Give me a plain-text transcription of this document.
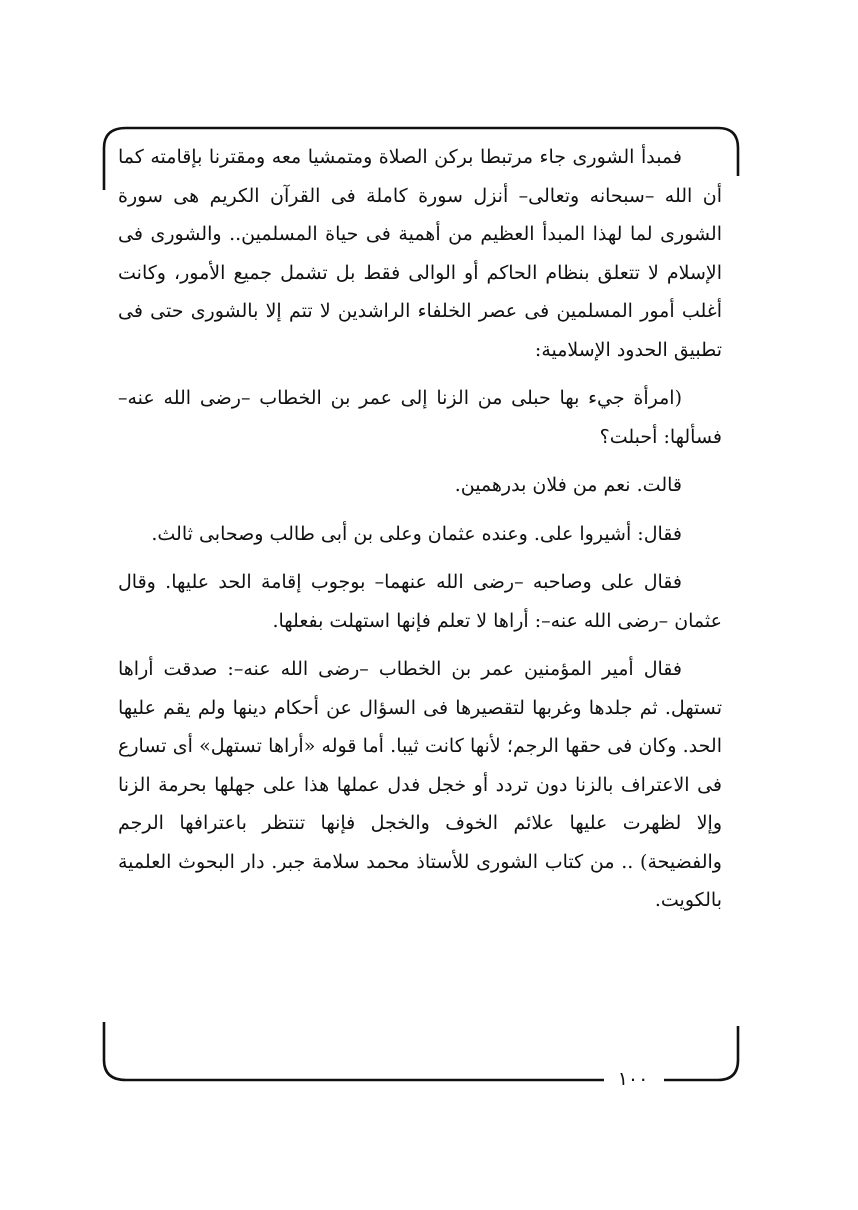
فمبدأ الشورى جاء مرتبطا بركن الصلاة ومتمشيا معه ومقترنا بإقامته كما أن الله –سبحانه وتعالى– أنزل سورة كاملة فى القرآن الكريم هى سورة الشورى لما لهذا المبدأ العظيم من أهمية فى حياة المسلمين.. والشورى فى الإسلام لا تتعلق بنظام الحاكم أو الوالى فقط بل تشمل جميع الأمور، وكانت أغلب أمور المسلمين فى عصر الخلفاء الراشدين لا تتم إلا بالشورى حتى فى تطبيق الحدود الإسلامية:

(امرأة جيء بها حبلى من الزنا إلى عمر بن الخطاب –رضى الله عنه– فسألها: أحبلت؟

قالت. نعم من فلان بدرهمين.

فقال: أشيروا على. وعنده عثمان وعلى بن أبى طالب وصحابى ثالث.

فقال على وصاحبه –رضى الله عنهما– بوجوب إقامة الحد عليها. وقال عثمان –رضى الله عنه–: أراها لا تعلم فإنها استهلت بفعلها.

فقال أمير المؤمنين عمر بن الخطاب –رضى الله عنه–: صدقت أراها تستهل. ثم جلدها وغربها لتقصيرها فى السؤال عن أحكام دينها ولم يقم عليها الحد. وكان فى حقها الرجم؛ لأنها كانت ثيبا. أما قوله «أراها تستهل» أى تسارع فى الاعتراف بالزنا دون تردد أو خجل فدل عملها هذا على جهلها بحرمة الزنا وإلا لظهرت عليها علائم الخوف والخجل فإنها تنتظر باعترافها الرجم والفضيحة) .. من كتاب الشورى للأستاذ محمد سلامة جبر. دار البحوث العلمية بالكويت.

١٠٠
